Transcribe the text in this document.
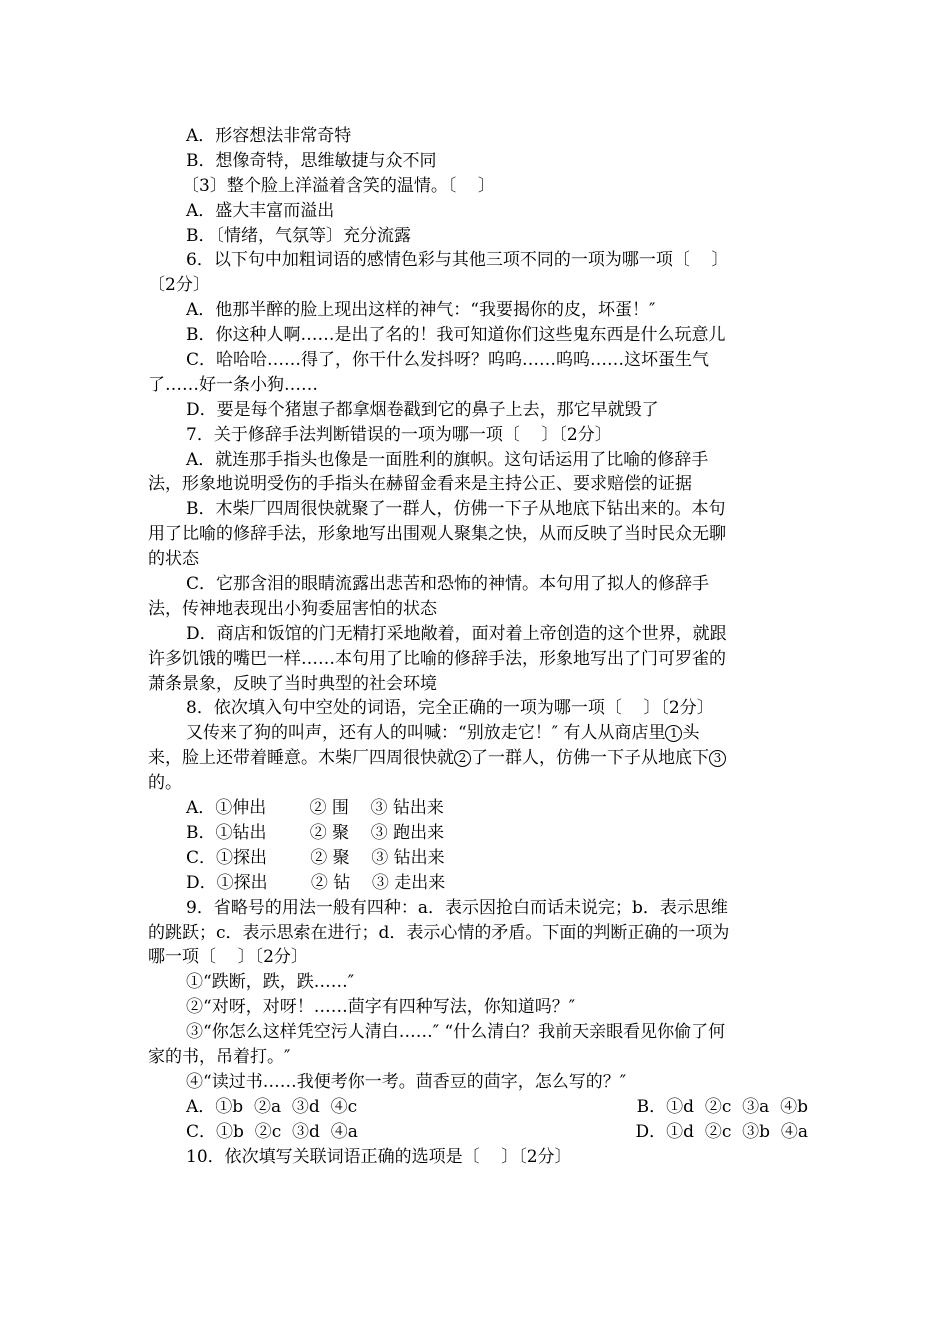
A．形容想法非常奇特
B．想像奇特，思维敏捷与众不同
〔3〕整个脸上洋溢着含笑的温情。〔    〕
A．盛大丰富而溢出
B．〔情绪，气氛等〕充分流露
6．以下句中加粗词语的感情色彩与其他三项不同的一项为哪一项〔    〕
〔2分〕
A．他那半醉的脸上现出这样的神气：“我要揭你的皮，坏蛋！″
B．你这种人啊……是出了名的！我可知道你们这些鬼东西是什么玩意儿
C．哈哈哈……得了，你干什么发抖呀？呜呜……呜呜……这坏蛋生气
了……好一条小狗……
D．要是每个猪崽子都拿烟卷戳到它的鼻子上去，那它早就毁了
7．关于修辞手法判断错误的一项为哪一项〔    〕〔2分〕
A．就连那手指头也像是一面胜利的旗帜。这句话运用了比喻的修辞手
法，形象地说明受伤的手指头在赫留金看来是主持公正、要求赔偿的证据
B．木柴厂四周很快就聚了一群人，仿佛一下子从地底下钻出来的。本句
用了比喻的修辞手法，形象地写出围观人聚集之快，从而反映了当时民众无聊
的状态
C．它那含泪的眼睛流露出悲苦和恐怖的神情。本句用了拟人的修辞手
法，传神地表现出小狗委屈害怕的状态
D．商店和饭馆的门无精打采地敞着，面对着上帝创造的这个世界，就跟
许多饥饿的嘴巴一样……本句用了比喻的修辞手法，形象地写出了门可罗雀的
萧条景象，反映了当时典型的社会环境
8．依次填入句中空处的词语，完全正确的一项为哪一项〔    〕〔2分〕
又传来了狗的叫声，还有人的叫喊：“别放走它！″ 有人从商店里 1 头
来，脸上还带着睡意。木柴厂四周很快就 2 了一群人，仿佛一下子从地底下 3
的。
A．①伸出        ② 围    ③ 钻出来
B．①钻出        ② 聚    ③ 跑出来
C．①探出        ② 聚    ③ 钻出来
D．①探出        ② 钻    ③ 走出来
9．省略号的用法一般有四种：a．表示因抢白而话未说完；b．表示思维
的跳跃；c．表示思索在进行；d．表示心情的矛盾。下面的判断正确的一项为
哪一项〔    〕〔2分〕
①“跌断，跌，跌……″
②“对呀，对呀！……茴字有四种写法，你知道吗？″
③“你怎么这样凭空污人清白……″ “什么清白？我前天亲眼看见你偷了何
家的书，吊着打。″
④“读过书……我便考你一考。茴香豆的茴字，怎么写的？″
A．①b  ②a  ③d  ④c	B．①d  ②c  ③a  ④b
C．①b  ②c  ③d  ④a	D．①d  ②c  ③b  ④a
10．依次填写关联词语正确的选项是〔    〕〔2分〕
